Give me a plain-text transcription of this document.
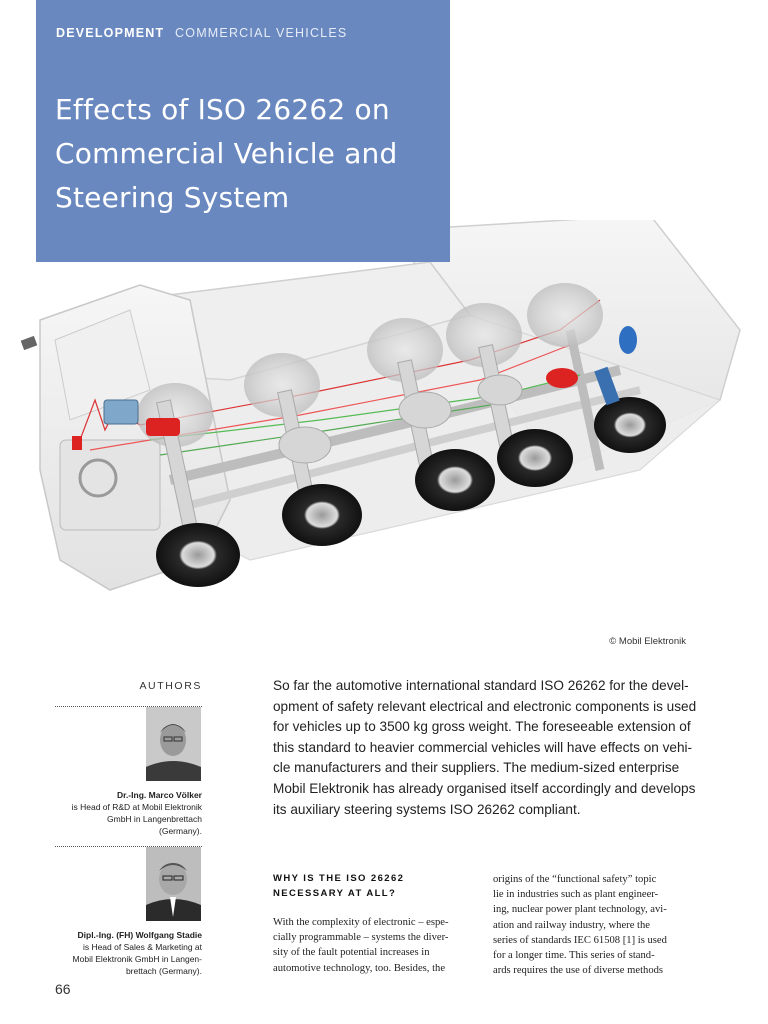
DEVELOPMENT COMMERCIAL VEHICLES
Effects of ISO 26262 on
Commercial Vehicle and
Steering System
© Mobil Elektronik
AUTHORS
Dr.-Ing. Marco Völker
is Head of R&D at Mobil Elektronik
GmbH in Langenbrettach
(Germany).
Dipl.-Ing. (FH) Wolfgang Stadie
is Head of Sales & Marketing at
Mobil Elektronik GmbH in Langen-
brettach (Germany).
So far the automotive international standard ISO 26262 for the devel-
opment of safety relevant electrical and electronic components is used
for vehicles up to 3500 kg gross weight. The foreseeable extension of
this standard to heavier commercial vehicles will have effects on vehi-
cle manufacturers and their suppliers. The medium-sized enterprise
Mobil Elektronik has already organised itself accordingly and develops
its auxiliary steering systems ISO 26262 compliant.
WHY IS THE ISO 26262
NECESSARY AT ALL?
With the complexity of electronic – espe-
cially programmable – systems the diver-
sity of the fault potential increases in
automotive technology, too. Besides, the
origins of the “functional safety” topic
lie in industries such as plant engineer-
ing, nuclear power plant technology, avi-
ation and railway industry, where the
series of standards IEC 61508 [1] is used
for a longer time. This series of stand-
ards requires the use of diverse methods
66
